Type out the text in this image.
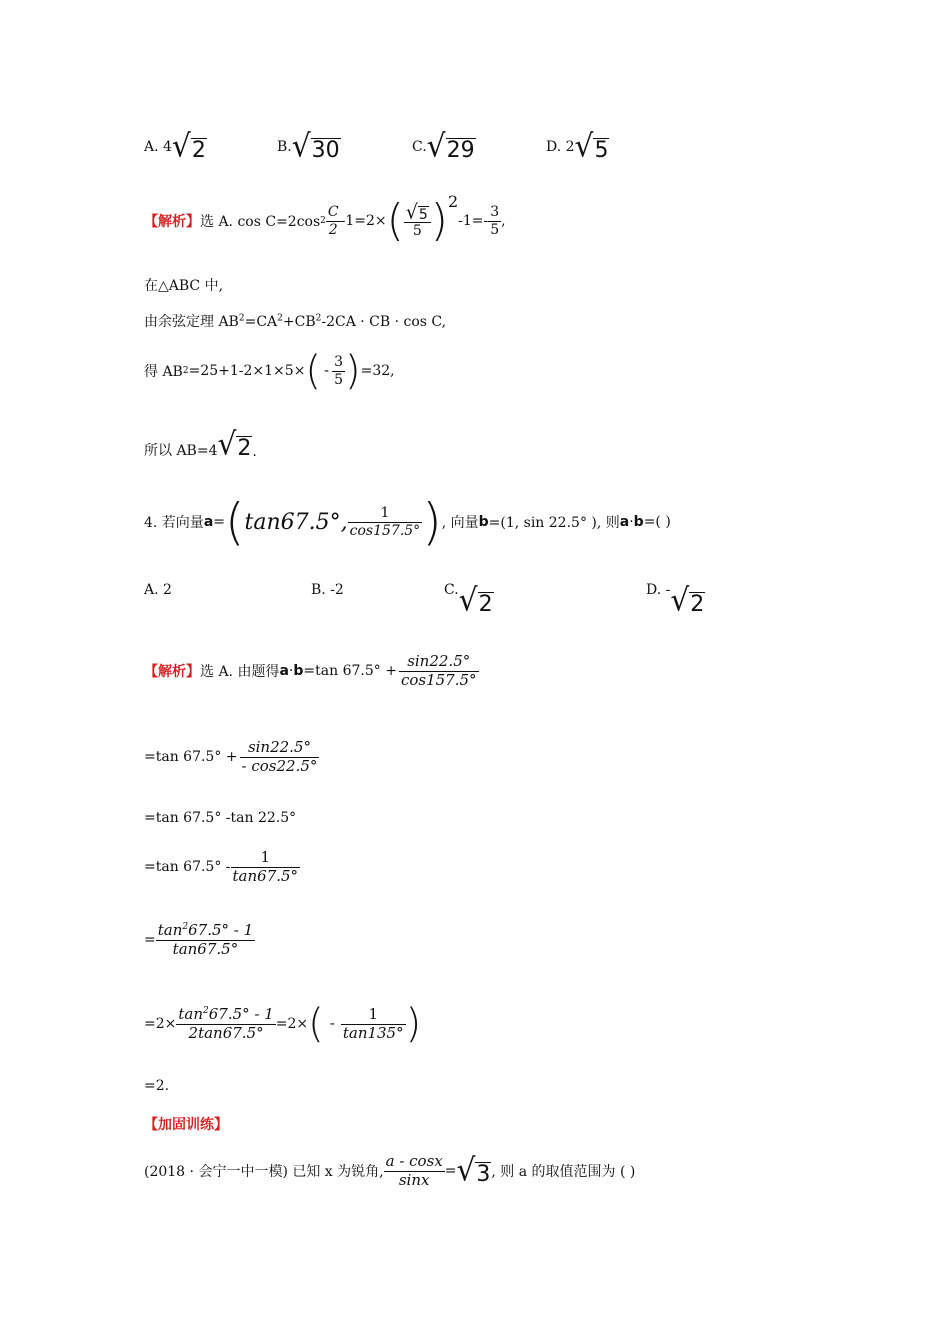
A. 4 √ 2	B. √ 30	C. √ 29	D. 2 √ 5
【解析】 选 A. cos C=2cos $2 \frac{C}{2} -1=2\times$ ( $\frac{√ 5}{5}$ ) 2
$-1=- \frac{3}{5}$ ,
在△ABC 中,
由余弦定理 $AB^2=CA^2+CB^2-2CA$ · CB · cos C,
得 AB 2 =25+1-2×1×5× ( - $\frac{3}{5}$ ) =32,
所以 AB=4 √ 2 .
4. 若向量 a = ( tan67.5° , $\frac{1}{\cos 157.5^\circ}$ ) , 向量 b =(1, sin 22.5° ), 则 a · b =( )
A. 2	B. -2	C. √ 2
D. - √ 2
【解析】 选 A. 由题得 a · b =tan $67.5^\circ + \frac{\sin 22.5^\circ}{\cos 157.5^\circ}$
=tan $67.5^\circ + \frac{\sin 22.5^\circ}{- \cos 22.5^\circ}$
=tan 67.5° -tan 22.5°
=tan $67.5^\circ - \frac{1}{\tan 67.5^\circ}$
= $\frac{\tan^267.5^\circ - 1}{\tan 67.5^\circ}$
$=2\times \frac{\tan^267.5^\circ - 1}{2\tan 67.5^\circ} =2\times$ ( - $\frac{1}{\tan 135^\circ}$ )
=2.
【加固训练】
(2018 · 会宁一中一模) 已知 x 为锐角, $\frac{a - \cos x}{\sin x}$ = √ 3 , 则 a 的取值范围为 ( )
